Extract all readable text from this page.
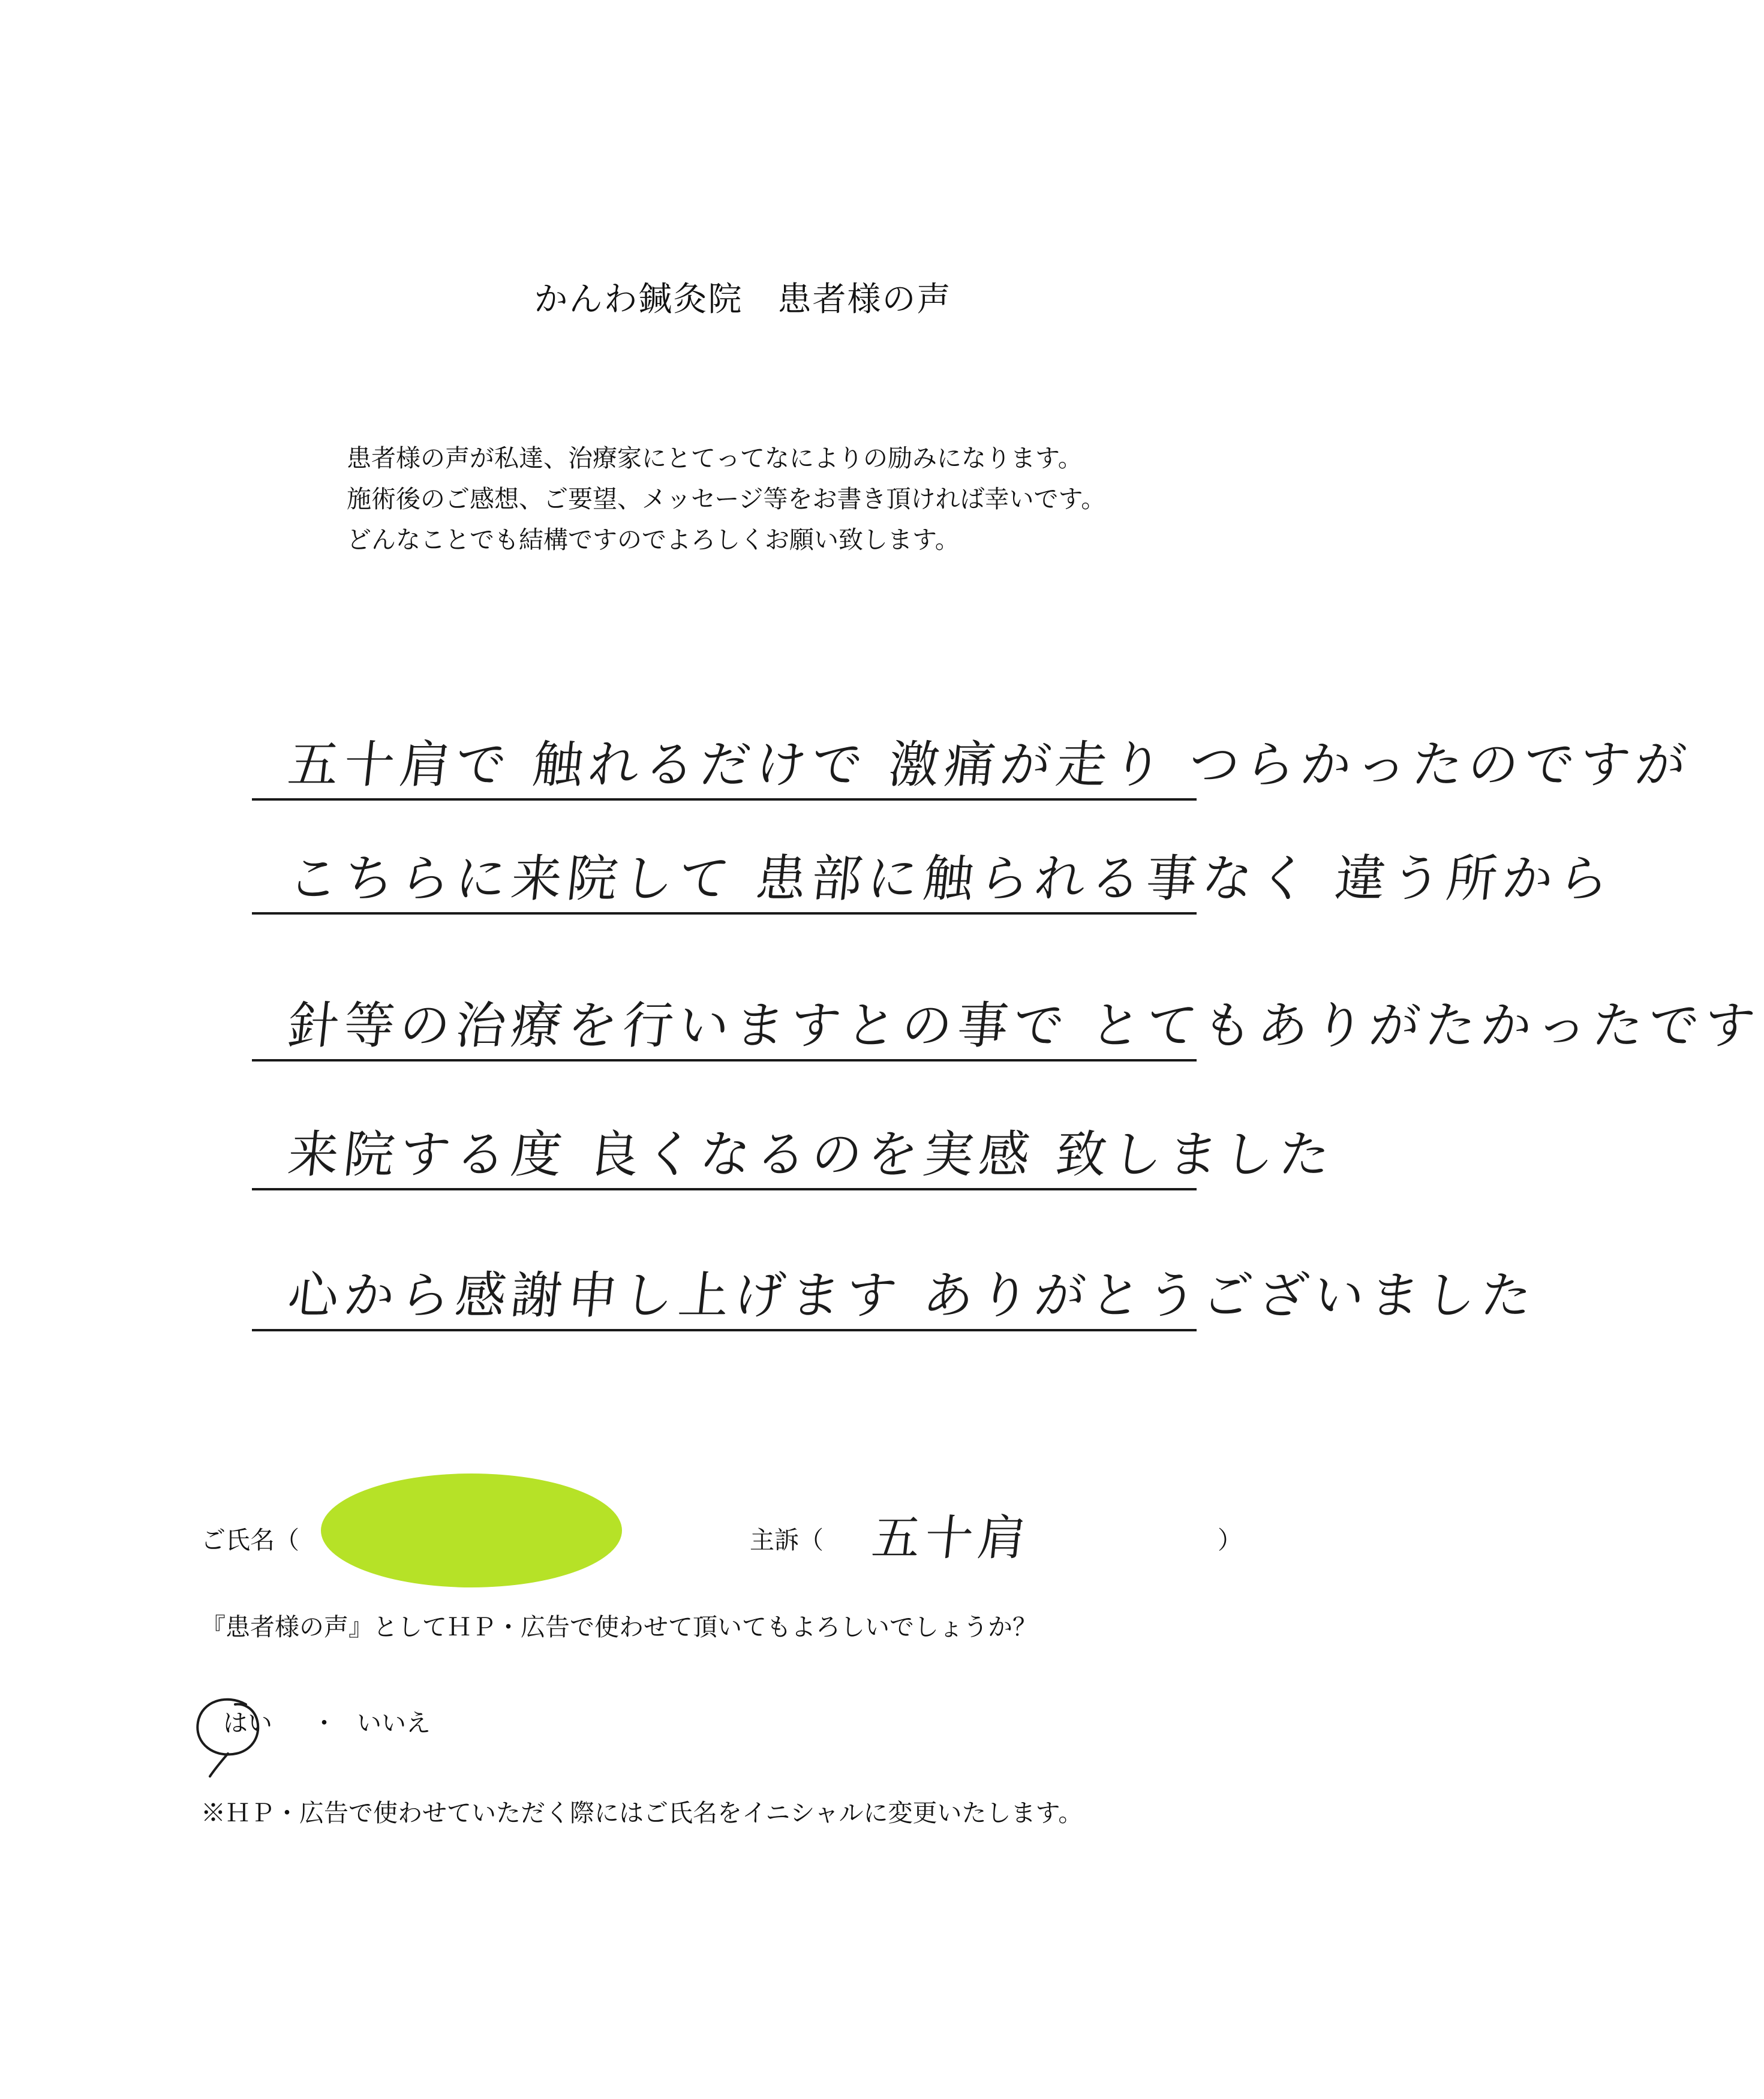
かんわ鍼灸院　患者様の声
患者様の声が私達、治療家にとてってなによりの励みになります。
施術後のご感想、ご要望、メッセージ等をお書き頂ければ幸いです。
どんなことでも結構ですのでよろしくお願い致します。
五十肩で 触れるだけで 激痛が走り つらかったのですが
こちらに来院して 患部に触られる事なく 違う所から
針等の治療を行いますとの事で とてもありがたかったです
来院する度 良くなるのを実感 致しました
心から感謝申し上げます ありがとうございました
ご氏名（	主訴（ 五十肩	）
『患者様の声』としてＨＰ・広告で使わせて頂いてもよろしいでしょうか？
はい ・ いいえ
※ＨＰ・広告で使わせていただく際にはご氏名をイニシャルに変更いたします。
